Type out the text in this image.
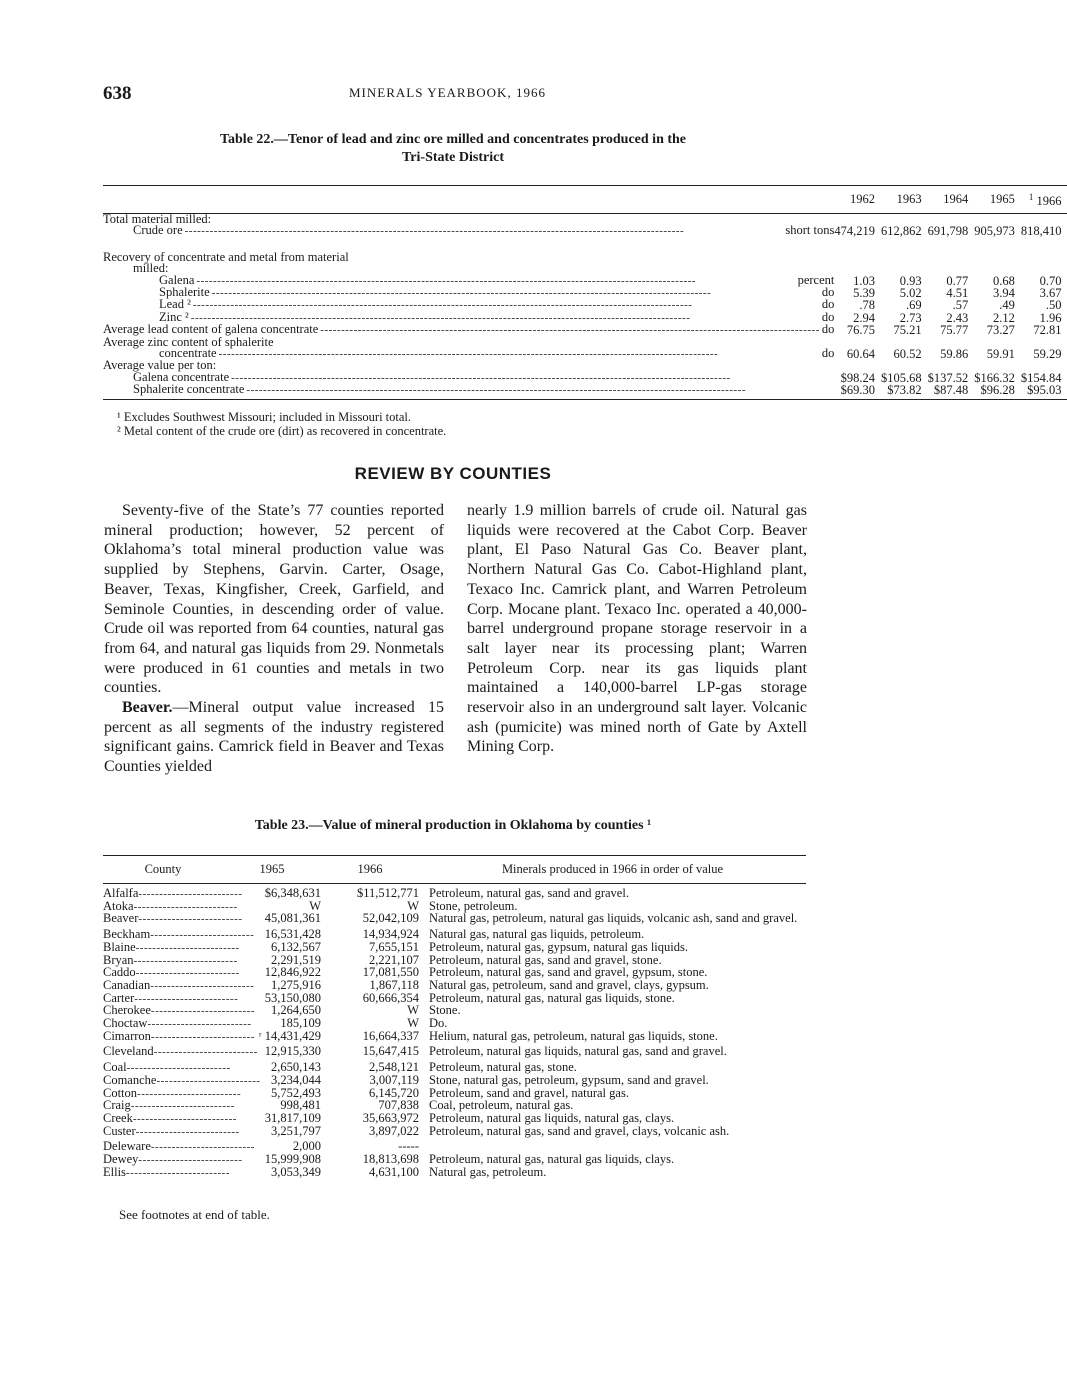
638	MINERALS YEARBOOK, 1966
Table 22.—Tenor of lead and zinc ore milled and concentrates produced in the
Tri-State District
	1962	1963	1964	1965	$^1$ 1966
Total material milled:					

Crude ore ----- short tons	474,219	612,862	691,798	905,973	818,410

Recovery of concentrate and metal from material					
milled:					

Galena ----- percent	1.03	0.93	0.77	0.68	0.70

Sphalerite ----- do	5.39	5.02	4.51	3.94	3.67

Lead ² ----- do	.78	.69	.57	.49	.50

Zinc ² ----- do	2.94	2.73	2.43	2.12	1.96

Average lead content of galena concentrate ----- do	76.75	75.21	75.77	73.27	72.81
Average zinc content of sphalerite					

concentrate ----- do	60.64	60.52	59.86	59.91	59.29
Average value per ton:					

Galena concentrate
-----	$98.24	$105.68	$137.52	$166.32	$154.84

Sphalerite concentrate
-----	$69.30	$73.82	$87.48	$96.28	$95.03
¹ Excludes Southwest Missouri; included in Missouri total.
² Metal content of the crude ore (dirt) as recovered in concentrate.
REVIEW BY COUNTIES

Seventy-five of the State’s 77 counties reported mineral production; however, 52 percent of Oklahoma’s total mineral production value was supplied by Stephens, Garvin. Carter, Osage, Beaver, Texas, Kingfisher, Creek, Garfield, and Seminole Counties, in descending order of value. Crude oil was reported from 64 counties, natural gas from 64, and natural gas liquids from 29. Nonmetals were produced in 61 counties and metals in two counties.

Beaver.—Mineral output value increased 15 percent as all segments of the industry registered significant gains. Camrick field in Beaver and Texas Counties yielded

nearly 1.9 million barrels of crude oil. Natural gas liquids were recovered at the Cabot Corp. Beaver plant, El Paso Natural Gas Co. Beaver plant, Northern Natural Gas Co. Cabot-Highland plant, Texaco Inc. Camrick plant, and Warren Petroleum Corp. Mocane plant. Texaco Inc. operated a 40,000-barrel underground propane storage reservoir in a salt layer near its processing plant; Warren Petroleum Corp. near its gas liquids plant maintained a 140,000-barrel LP-gas storage reservoir also in an underground salt layer. Volcanic ash (pumicite) was mined north of Gate by Axtell Mining Corp.

Table 23.—Value of mineral production in Oklahoma by counties ¹
County	1965	1966	Minerals produced in 1966 in order of value

Alfalfa -----	$6,348,631	$11,512,771	Petroleum, natural gas, sand and gravel.

Atoka -----	W	W	Stone, petroleum.

Beaver -----	45,081,361	52,042,109	Natural gas, petroleum, natural gas liquids, volcanic ash, sand and gravel.

Beckham -----	16,531,428	14,934,924	Natural gas, natural gas liquids, petroleum.

Blaine -----	6,132,567	7,655,151	Petroleum, natural gas, gypsum, natural gas liquids.

Bryan -----	2,291,519	2,221,107	Petroleum, natural gas, sand and gravel, stone.

Caddo -----	12,846,922	17,081,550	Petroleum, natural gas, sand and gravel, gypsum, stone.

Canadian -----	1,275,916	1,867,118	Natural gas, petroleum, sand and gravel, clays, gypsum.

Carter -----	53,150,080	60,666,354	Petroleum, natural gas, natural gas liquids, stone.

Cherokee -----	1,264,650	W	Stone.

Choctaw -----	185,109	W	Do.

Cimarron -----	ʳ 14,431,429	16,664,337	Helium, natural gas, petroleum, natural gas liquids, stone.

Cleveland -----	12,915,330	15,647,415	Petroleum, natural gas liquids, natural gas, sand and gravel.

Coal -----	2,650,143	2,548,121	Petroleum, natural gas, stone.

Comanche -----	3,234,044	3,007,119	Stone, natural gas, petroleum, gypsum, sand and gravel.

Cotton -----	5,752,493	6,145,720	Petroleum, sand and gravel, natural gas.

Craig -----	998,481	707,838	Coal, petroleum, natural gas.

Creek -----	31,817,109	35,663,972	Petroleum, natural gas liquids, natural gas, clays.

Custer -----	3,251,797	3,897,022	Petroleum, natural gas, sand and gravel, clays, volcanic ash.

Deleware -----	2,000	-----	

Dewey -----	15,999,908	18,813,698	Petroleum, natural gas, natural gas liquids, clays.

Ellis -----	3,053,349	4,631,100	Natural gas, petroleum.
See footnotes at end of table.
